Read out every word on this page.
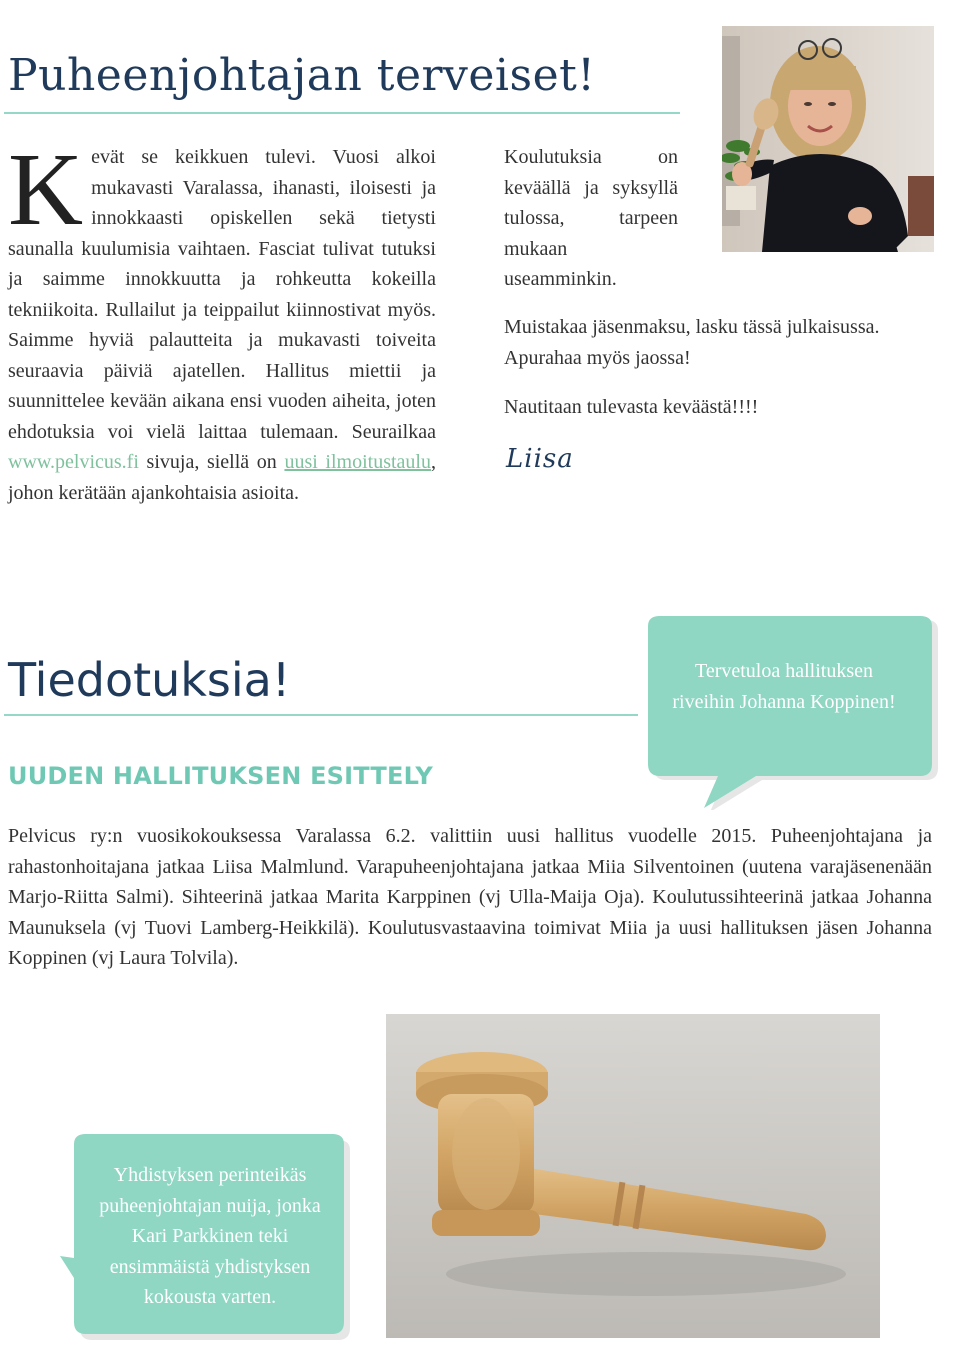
Puheenjohtajan terveiset!
K evät se keikkuen tulevi. Vuosi alkoi mukavasti Varalassa, ihanasti, iloisesti ja innokkaasti opiskellen sekä tietysti saunalla kuulumisia vaihtaen. Fasciat tulivat tutuksi ja saimme innokkuutta ja rohkeutta kokeilla tekniikoita. Rullailut ja teippailut kiinnostivat myös. Saimme hyviä palautteita ja mukavasti toiveita seuraavia päiviä ajatellen. Hallitus miettii ja suunnittelee kevään aikana ensi vuoden aiheita, joten ehdotuksia voi vielä laittaa tulemaan. Seurailkaa www.pelvicus.fi sivuja, siellä on uusi ilmoitustaulu, johon kerätään ajankohtaisia asioita.
Koulutuksia on keväällä ja syksyllä tulossa, tarpeen mukaan useamminkin.
Muistakaa jäsenmaksu, lasku tässä julkaisussa. Apurahaa myös jaossa!
Nautitaan tulevasta keväästä!!!!
Liisa
Tiedotuksia!
UUDEN HALLITUKSEN ESITTELY
Tervetuloa hallituksen riveihin Johanna Koppinen!
Pelvicus ry:n vuosikokouksessa Varalassa 6.2. valittiin uusi hallitus vuodelle 2015. Puheenjohtajana ja rahastonhoitajana jatkaa Liisa Malmlund. Varapuheenjohtajana jatkaa Miia Silventoinen (uutena varajäsenenään Marjo-Riitta Salmi). Sihteerinä jatkaa Marita Karppinen (vj Ulla-Maija Oja). Koulutussihteerinä jatkaa Johanna Maunuksela (vj Tuovi Lamberg-Heikkilä). Koulutusvastaavina toimivat Miia ja uusi hallituksen jäsen Johanna Koppinen (vj Laura Tolvila).
Yhdistyksen perinteikäs puheenjohtajan nuija, jonka Kari Parkkinen teki ensimmäistä yhdistyksen kokousta varten.
